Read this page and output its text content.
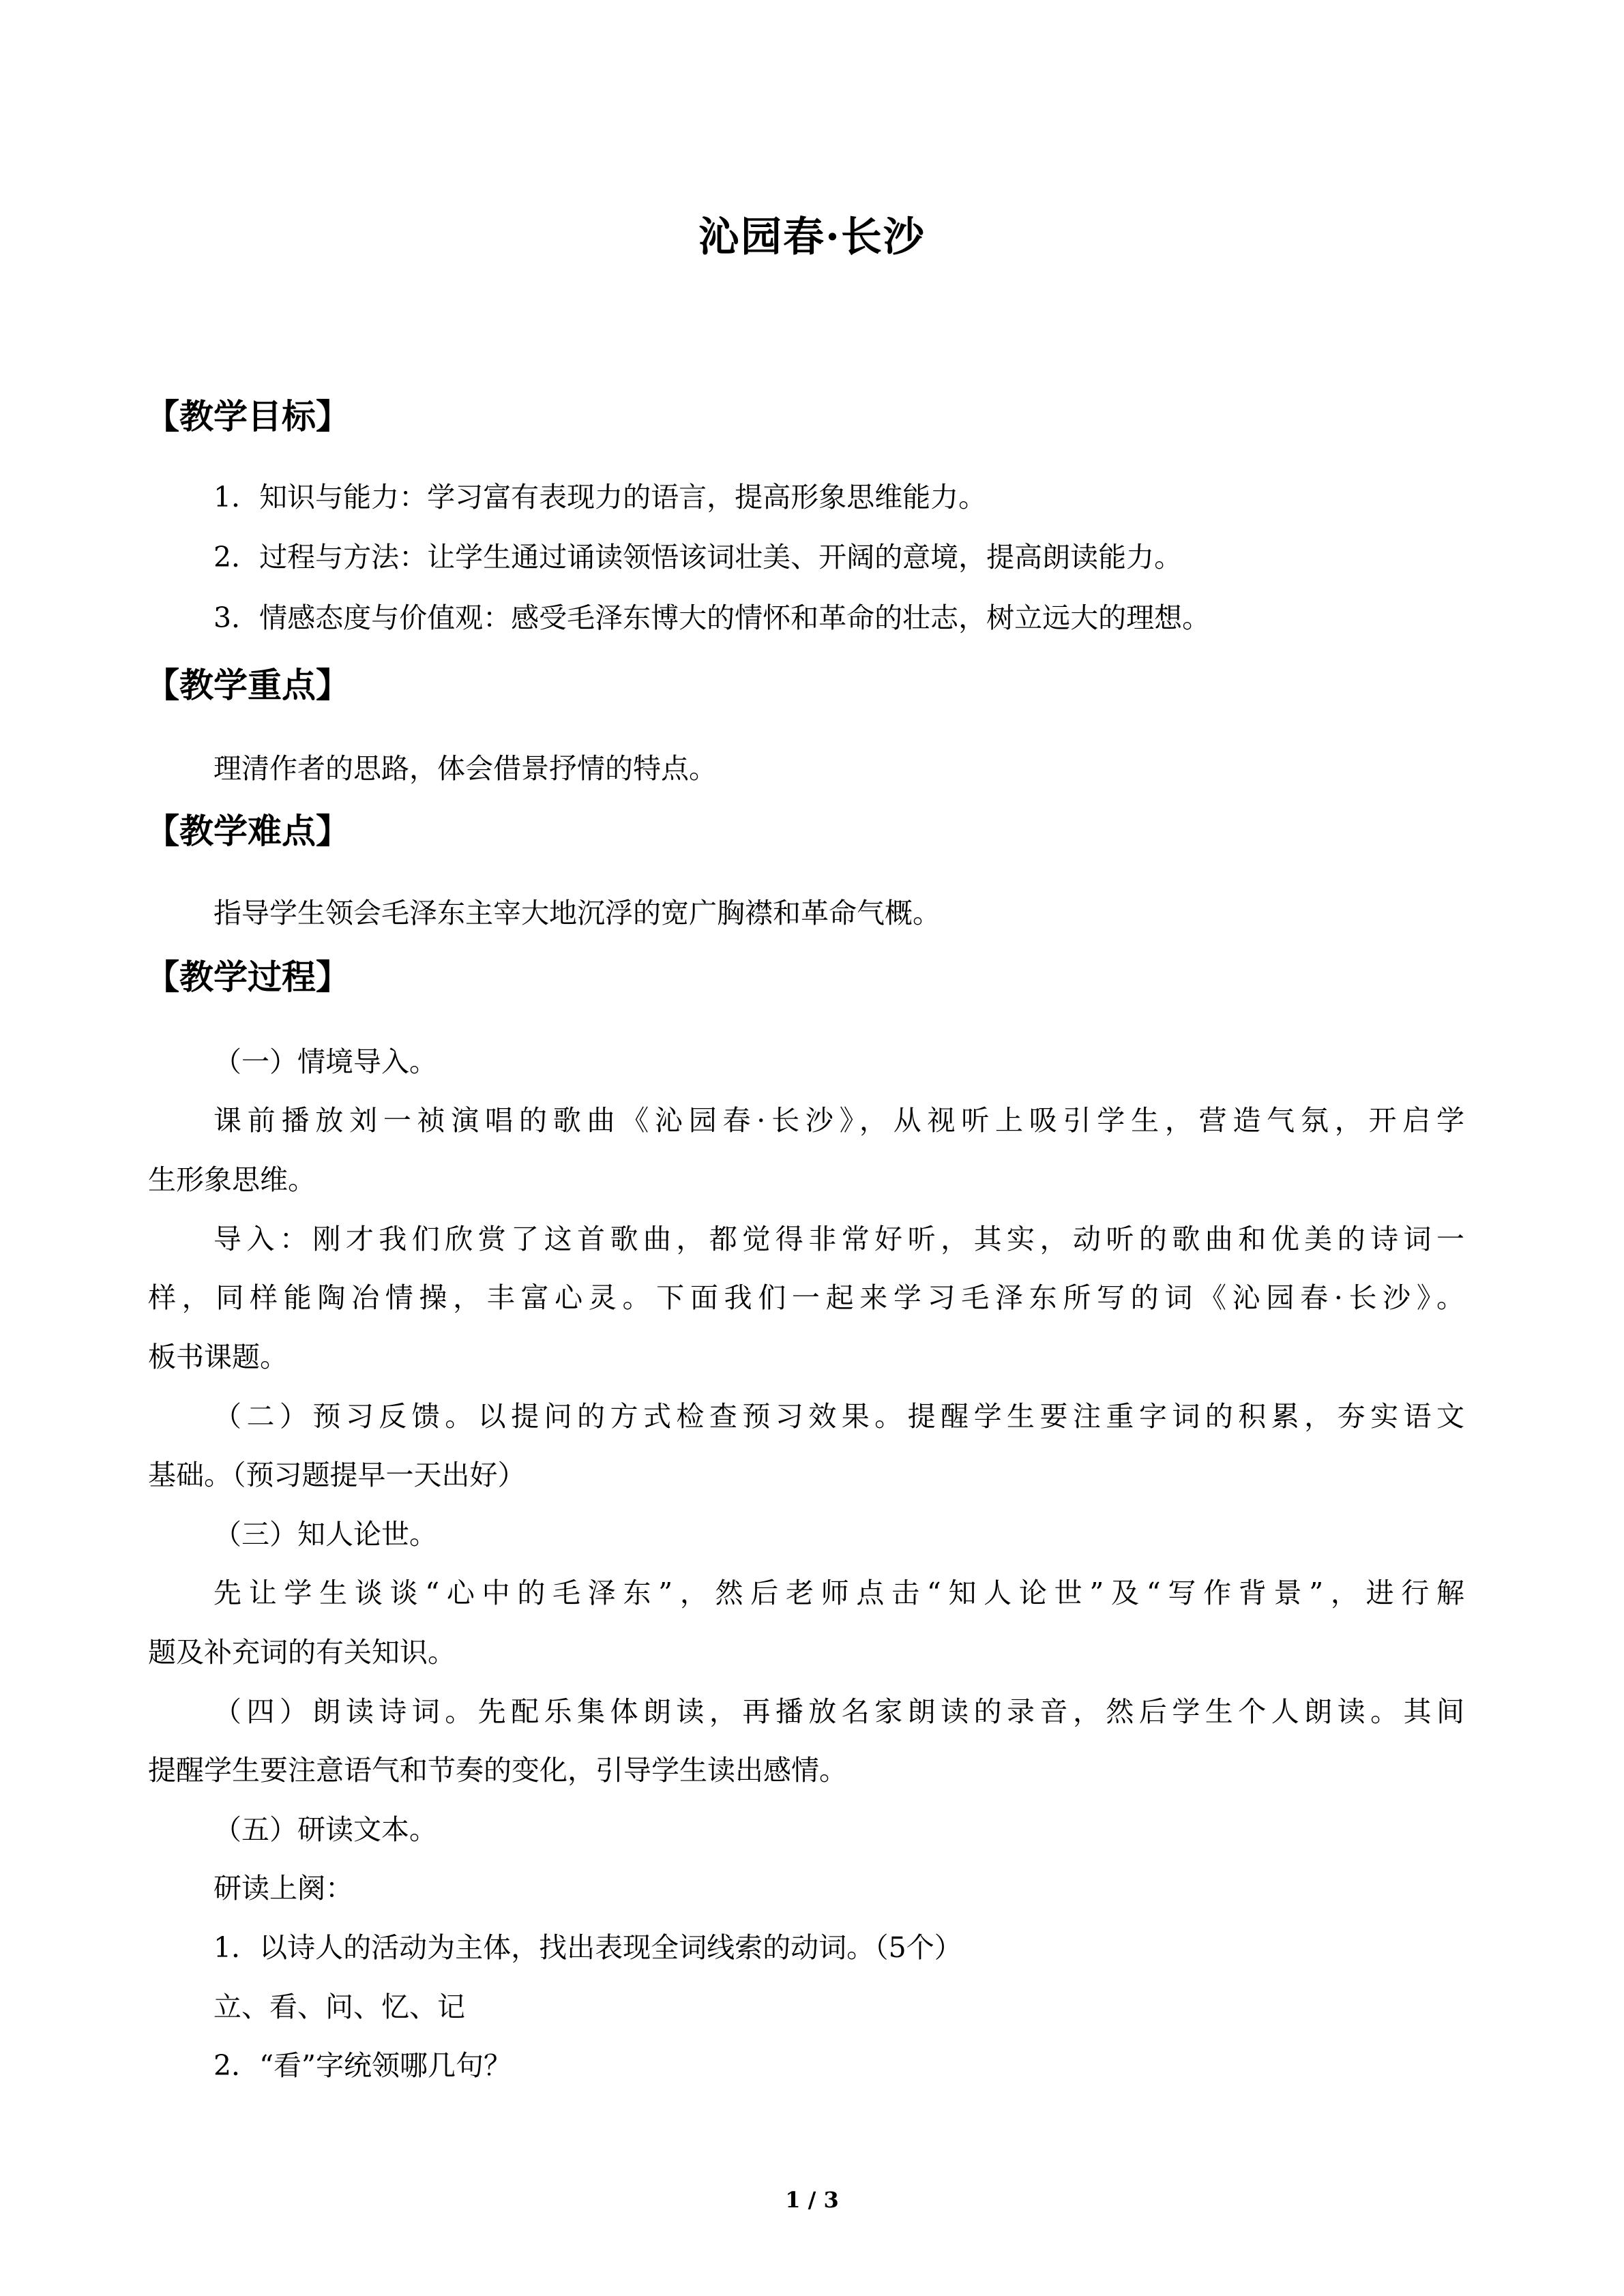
沁园春·长沙
【教学目标】
1．知识与能力：学习富有表现力的语言，提高形象思维能力。
2．过程与方法：让学生通过诵读领悟该词壮美、开阔的意境，提高朗读能力。
3．情感态度与价值观：感受毛泽东博大的情怀和革命的壮志，树立远大的理想。
【教学重点】
理清作者的思路，体会借景抒情的特点。
【教学难点】
指导学生领会毛泽东主宰大地沉浮的宽广胸襟和革命气概。
【教学过程】
（一）情境导入。
课前播放刘一祯演唱的歌曲《沁园春·长沙》，从视听上吸引学生，营造气氛，开启学
生形象思维。
导入：刚才我们欣赏了这首歌曲，都觉得非常好听，其实，动听的歌曲和优美的诗词一
样，同样能陶冶情操，丰富心灵。下面我们一起来学习毛泽东所写的词《沁园春·长沙》。
板书课题。
（二）预习反馈。以提问的方式检查预习效果。提醒学生要注重字词的积累，夯实语文
基础。（预习题提早一天出好）
（三）知人论世。
先让学生谈谈“心中的毛泽东”，然后老师点击“知人论世”及“写作背景”，进行解
题及补充词的有关知识。
（四）朗读诗词。先配乐集体朗读，再播放名家朗读的录音，然后学生个人朗读。其间
提醒学生要注意语气和节奏的变化，引导学生读出感情。
（五）研读文本。
研读上阕：
1．以诗人的活动为主体，找出表现全词线索的动词。（5个）
立、看、问、忆、记
2．“看”字统领哪几句？
1 / 3
